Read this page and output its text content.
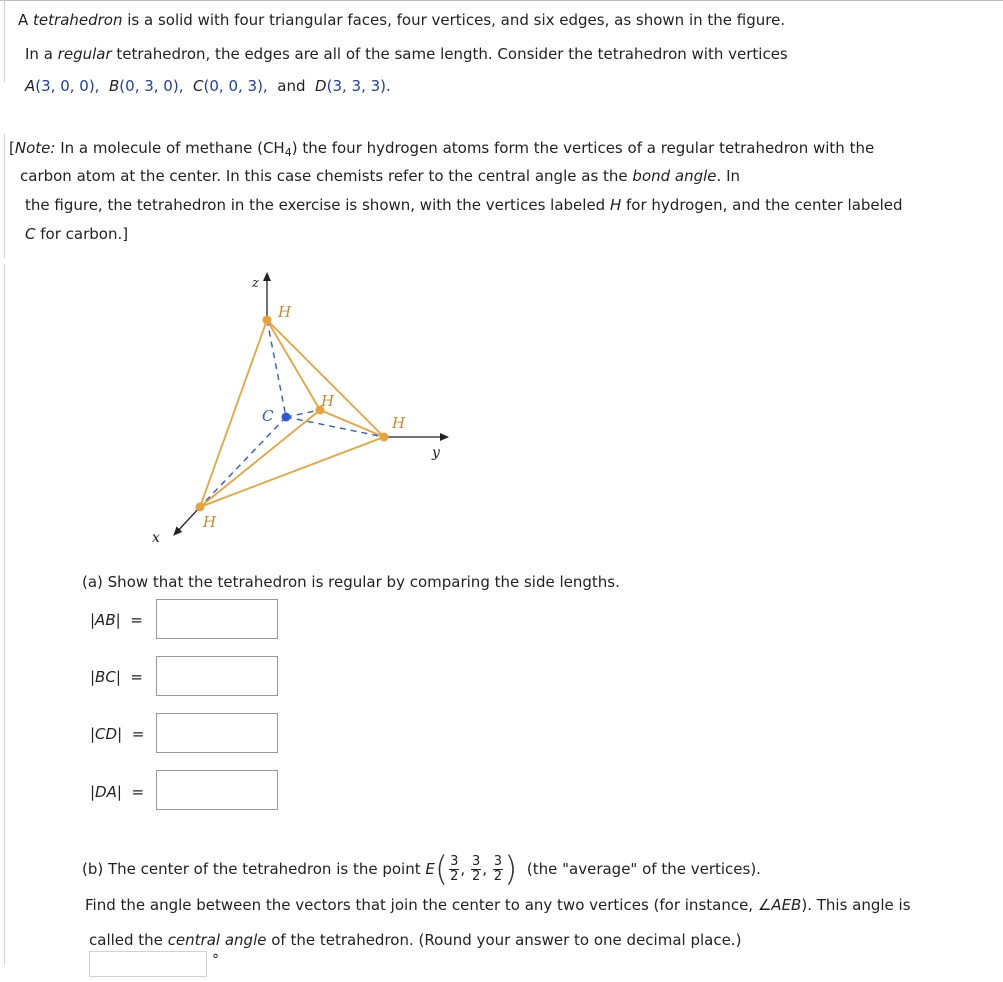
A tetrahedron is a solid with four triangular faces, four vertices, and six edges, as shown in the figure.
In a regular tetrahedron, the edges are all of the same length. Consider the tetrahedron with vertices
A(3, 0, 0), B(0, 3, 0), C(0, 0, 3), and D(3, 3, 3).
[Note: In a molecule of methane $(CH_4)$ the four hydrogen atoms form the vertices of a regular tetrahedron with the
carbon atom at the center. In this case chemists refer to the central angle as the bond angle. In
the figure, the tetrahedron in the exercise is shown, with the vertices labeled H for hydrogen, and the center labeled
C for carbon.]
z
y
x
H
H
H
H
C
(a) Show that the tetrahedron is regular by comparing the side lengths.
|AB| =
|BC| =
|CD| =
|DA| =
(b) The center of the tetrahedron is the point $E( \frac{3}{2}$ , $\frac{3}{2}$ , $\frac{3}{2}$ ) (the "average" of the vertices).
Find the angle between the vectors that join the center to any two vertices (for instance, ∠AEB). This angle is
called the central angle of the tetrahedron. (Round your answer to one decimal place.)
°
